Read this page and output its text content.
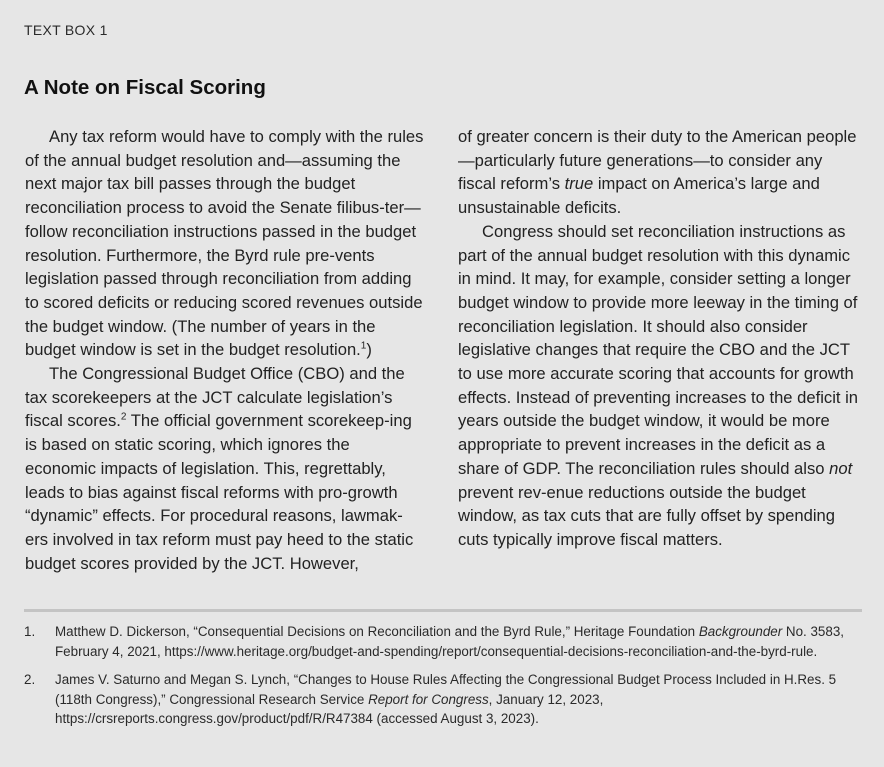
TEXT BOX 1
A Note on Fiscal Scoring

Any tax reform would have to comply with the rules of the annual budget resolution and—assuming the next major tax bill passes through the budget reconciliation process to avoid the Senate filibus-ter—follow reconciliation instructions passed in the budget resolution. Furthermore, the Byrd rule pre-vents legislation passed through reconciliation from adding to scored deficits or reducing scored revenues outside the budget window. (The number of years in the budget window is set in the budget resolution.$^1$)

The Congressional Budget Office (CBO) and the tax scorekeepers at the JCT calculate legislation’s fiscal scores.$^2$ The official government scorekeep-ing is based on static scoring, which ignores the economic impacts of legislation. This, regrettably, leads to bias against fiscal reforms with pro-growth “dynamic” effects. For procedural reasons, lawmak-ers involved in tax reform must pay heed to the static budget scores provided by the JCT. However,

of greater concern is their duty to the American people—particularly future generations—to consider any fiscal reform’s true impact on America’s large and unsustainable deficits.

Congress should set reconciliation instructions as part of the annual budget resolution with this dynamic in mind. It may, for example, consider setting a longer budget window to provide more leeway in the timing of reconciliation legislation. It should also consider legislative changes that require the CBO and the JCT to use more accurate scoring that accounts for growth effects. Instead of preventing increases to the deficit in years outside the budget window, it would be more appropriate to prevent increases in the deficit as a share of GDP. The reconciliation rules should also not prevent rev-enue reductions outside the budget window, as tax cuts that are fully offset by spending cuts typically improve fiscal matters.

1.	Matthew D. Dickerson, “Consequential Decisions on Reconciliation and the Byrd Rule,” Heritage Foundation Backgrounder No. 3583, February 4, 2021, https://www.heritage.org/budget-and-spending/report/consequential-decisions-reconciliation-and-the-byrd-rule.
2.	James V. Saturno and Megan S. Lynch, “Changes to House Rules Affecting the Congressional Budget Process Included in H.Res. 5 (118th Congress),” Congressional Research Service Report for Congress, January 12, 2023, https://crsreports.congress.gov/product/pdf/R/R47384 (accessed August 3, 2023).
